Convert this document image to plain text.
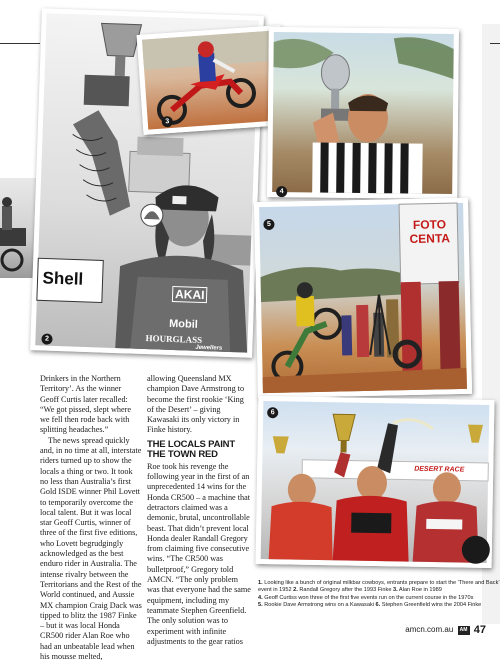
Shell
AKAI
Mobil
HOURGLASS
Jewellers
2
3
4
FOTO CENTA
5
DESERT RACE
6

Drinkers in the Northern Territory’. As the winner Geoff Curtis later recalled: “We got pissed, slept where we fell then rode back with splitting headaches.”

The news spread quickly and, in no time at all, interstate riders turned up to show the locals a thing or two. It took no less than Australia’s first Gold ISDE winner Phil Lovett to temporarily overcome the local talent. But it was local star Geoff Curtis, winner of three of the first five editions, who Lovett begrudgingly acknowledged as the best enduro rider in Australia. The intense rivalry between the Territorians and the Rest of the World continued, and Aussie MX champion Craig Dack was tipped to blitz the 1987 Finke – but it was local Honda CR500 rider Alan Roe who had an unbeatable lead when his mousse melted,

allowing Queensland MX champion Dave Armstrong to become the first rookie ‘King of the Desert’ – giving Kawasaki its only victory in Finke history.

THE LOCALS PAINT THE TOWN RED

Roe took his revenge the following year in the first of an unprecedented 14 wins for the Honda CR500 – a machine that detractors claimed was a demonic, brutal, uncontrollable beast. That didn’t prevent local Honda dealer Randall Gregory from claiming five consecutive wins. “The CR500 was bulletproof,” Gregory told AMCN. “The only problem was that everyone had the same equipment, including my teammate Stephen Greenfield. The only solution was to experiment with infinite adjustments to the gear ratios

1. Looking like a bunch of original milkbar cowboys, entrants prepare to start the ‘There and Back’ event in 1952 2. Randall Gregory after the 1993 Finke 3. Alan Roe in 1989
4. Geoff Curtiss won three of the first five events run on the current course in the 1970s
5. Rookie Dave Armstrong wins on a Kawasaki 6. Stephen Greenfield wins the 2004 Finke
amcn.com.au AM 47
